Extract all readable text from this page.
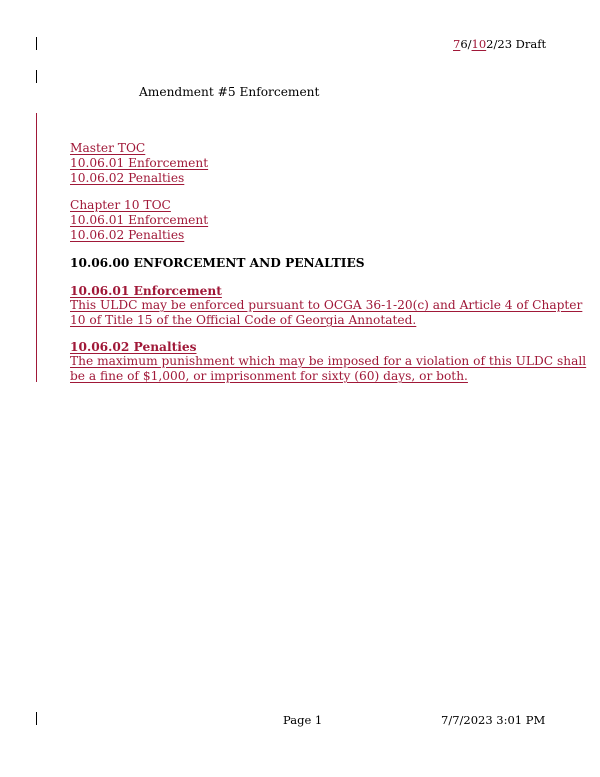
76/102/23 Draft
Amendment #5 Enforcement
Master TOC
10.06.01 Enforcement
10.06.02 Penalties
Chapter 10 TOC
10.06.01 Enforcement
10.06.02 Penalties
10.06.00 ENFORCEMENT AND PENALTIES
10.06.01 Enforcement
This ULDC may be enforced pursuant to OCGA 36-1-20(c) and Article 4 of Chapter
10 of Title 15 of the Official Code of Georgia Annotated.
10.06.02 Penalties
The maximum punishment which may be imposed for a violation of this ULDC shall
be a fine of $1,000, or imprisonment for sixty (60) days, or both.
Page 1	7/7/2023 3:01 PM
